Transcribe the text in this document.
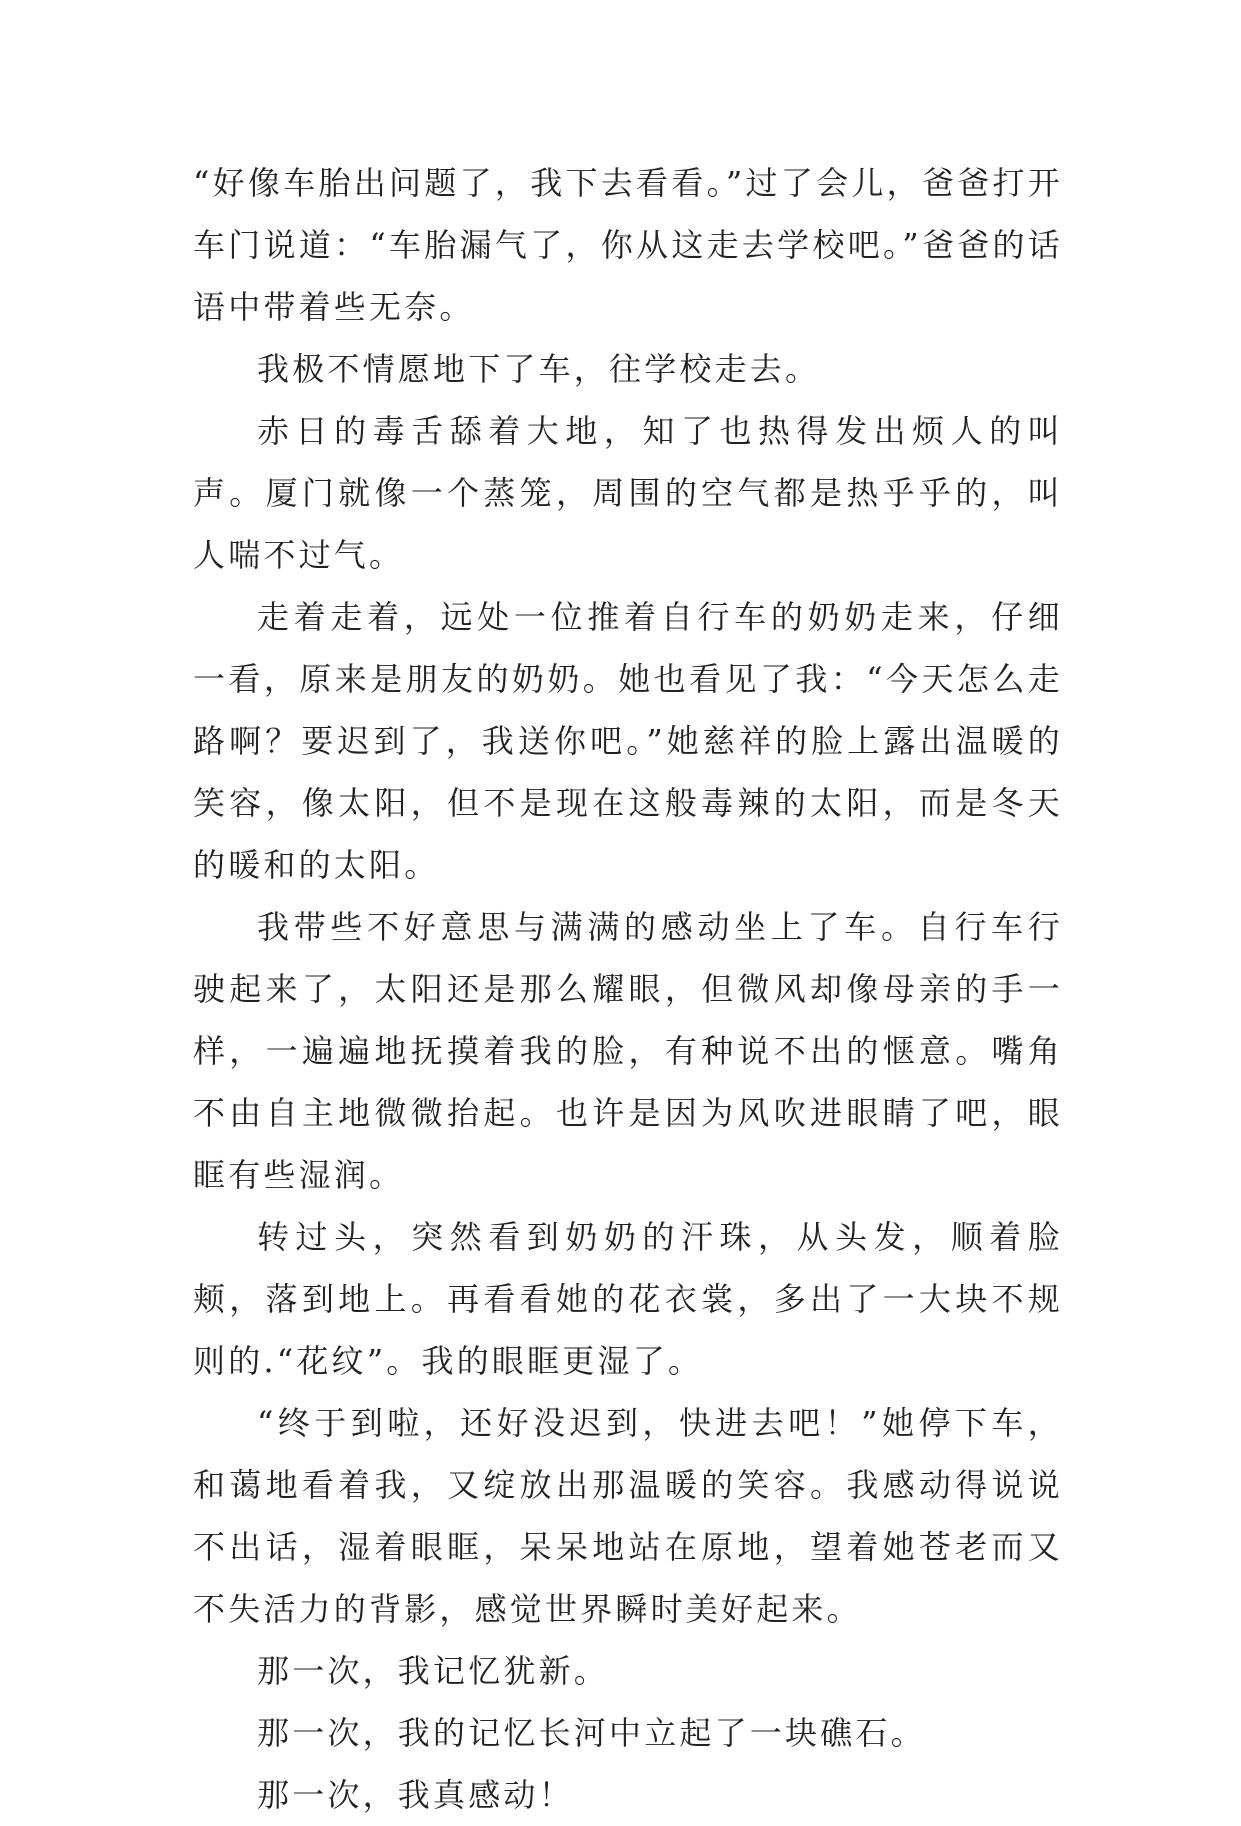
“好像车胎出问题了，我下去看看。”过了会儿，爸爸打开车门说道：“车胎漏气了，你从这走去学校吧。”爸爸的话语中带着些无奈。

我极不情愿地下了车，往学校走去。

赤日的毒舌舔着大地，知了也热得发出烦人的叫声。厦门就像一个蒸笼，周围的空气都是热乎乎的，叫人喘不过气。

走着走着，远处一位推着自行车的奶奶走来，仔细一看，原来是朋友的奶奶。她也看见了我：“今天怎么走路啊？要迟到了，我送你吧。”她慈祥的脸上露出温暖的笑容，像太阳，但不是现在这般毒辣的太阳，而是冬天的暖和的太阳。

我带些不好意思与满满的感动坐上了车。自行车行驶起来了，太阳还是那么耀眼，但微风却像母亲的手一样，一遍遍地抚摸着我的脸，有种说不出的惬意。嘴角不由自主地微微抬起。也许是因为风吹进眼睛了吧，眼眶有些湿润。

转过头，突然看到奶奶的汗珠，从头发，顺着脸颊，落到地上。再看看她的花衣裳，多出了一大块不规则的.“花纹”。我的眼眶更湿了。

“终于到啦，还好没迟到，快进去吧！”她停下车，和蔼地看着我，又绽放出那温暖的笑容。我感动得说说不出话，湿着眼眶，呆呆地站在原地，望着她苍老而又不失活力的背影，感觉世界瞬时美好起来。

那一次，我记忆犹新。

那一次，我的记忆长河中立起了一块礁石。

那一次，我真感动！
